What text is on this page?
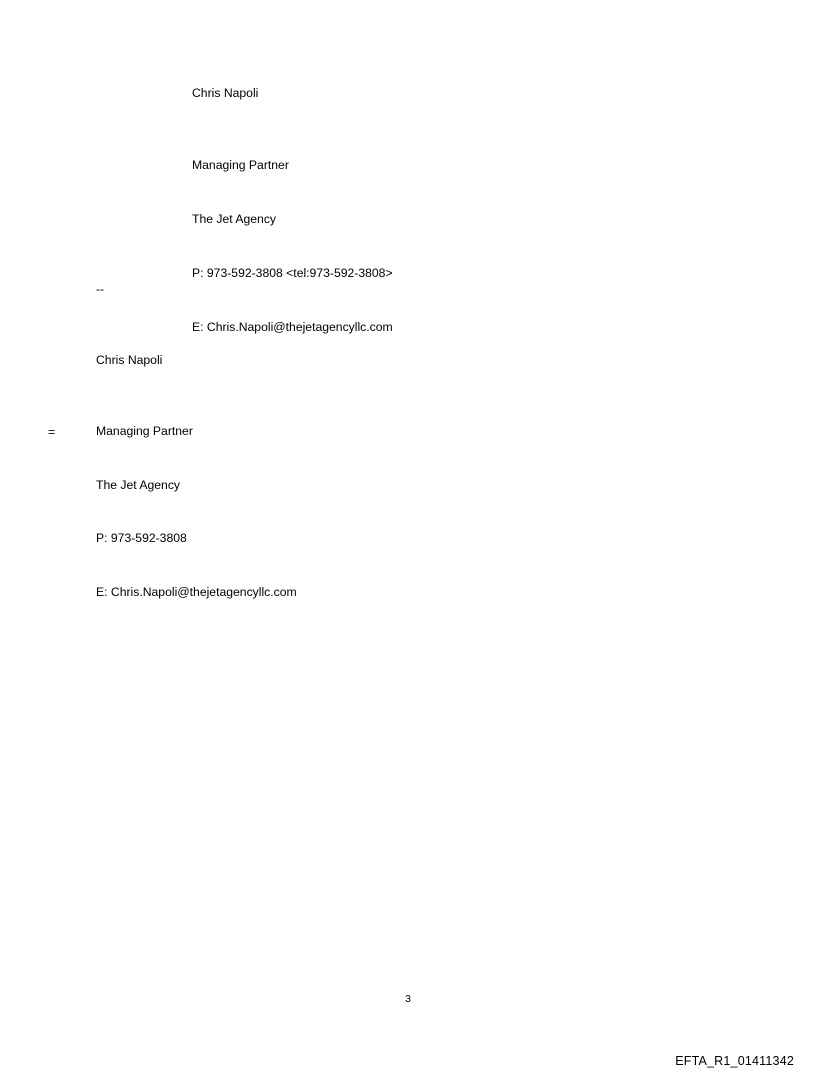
Chris Napoli

Managing Partner

The Jet Agency

P: 973-592-3808 <tel:973-592-3808>

E: Chris.Napoli@thejetagencyllc.com

--

Chris Napoli

Managing Partner

The Jet Agency

P: 973-592-3808

E: Chris.Napoli@thejetagencyllc.com

=
3
EFTA_R1_01411342
